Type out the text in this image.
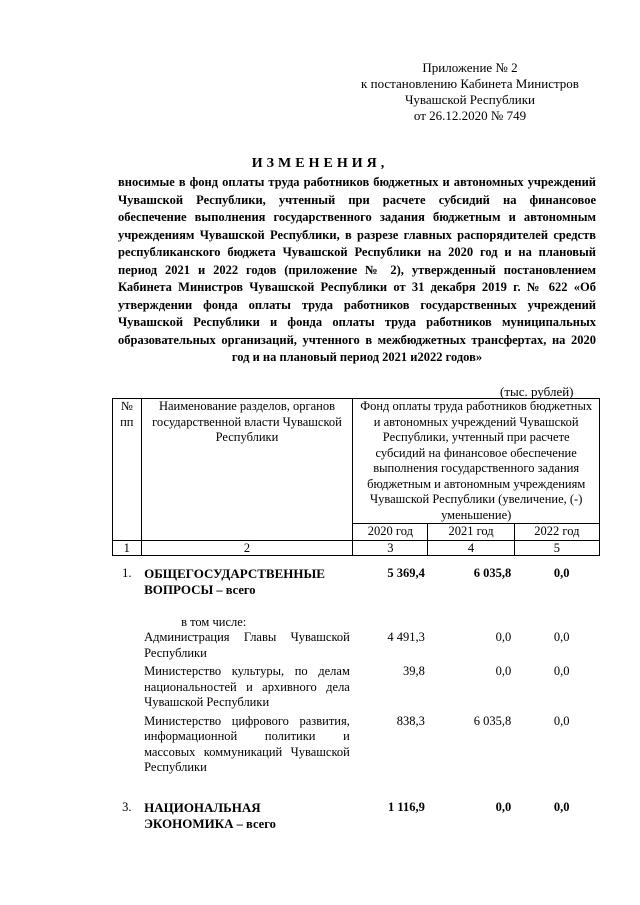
Приложение № 2
к постановлению Кабинета Министров
Чувашской Республики
от 26.12.2020 № 749
ИЗМЕНЕНИЯ,
вносимые в фонд оплаты труда работников бюджетных и автономных учреждений Чувашской Республики, учтенный при расчете субсидий на финансовое обеспечение выполнения государственного задания бюджетным и автономным учреждениям Чувашской Республики, в разрезе главных распорядителей средств республиканского бюджета Чувашской Республики на 2020 год и на плановый период 2021 и 2022 годов (приложение № 2), утвержденный постановлением Кабинета Министров Чувашской Республики от 31 декабря 2019 г. № 622 «Об утверждении фонда оплаты труда работников государственных учреждений Чувашской Республики и фонда оплаты труда работников муниципальных образовательных организаций, учтенного в межбюджетных трансфертах, на 2020 год и на плановый период 2021 и2022 годов»
(тыс. рублей)
№ пп	Наименование разделов, органов государственной власти Чувашской Республики	Фонд оплаты труда работников бюджетных и автономных учреждений Чувашской Республики, учтенный при расчете субсидий на финансовое обеспечение выполнения государственного задания бюджетным и автономным учреждениям Чувашской Республики (увеличение, (-) уменьшение)		
		2020 год	2021 год	2022 год
1	2	3	4	5
1.	ОБЩЕГОСУДАРСТВЕННЫЕ ВОПРОСЫ – всего	5 369,4	6 035,8	0,0
	в том числе:			
	Администрация Главы Чувашской Республики	4 491,3	0,0	0,0
	Министерство культуры, по делам национальностей и архивного дела Чувашской Республики	39,8	0,0	0,0
	Министерство цифрового развития, информационной политики и массовых коммуникаций Чувашской Республики	838,3	6 035,8	0,0
3.	НАЦИОНАЛЬНАЯ ЭКОНОМИКА – всего	1 116,9	0,0	0,0
